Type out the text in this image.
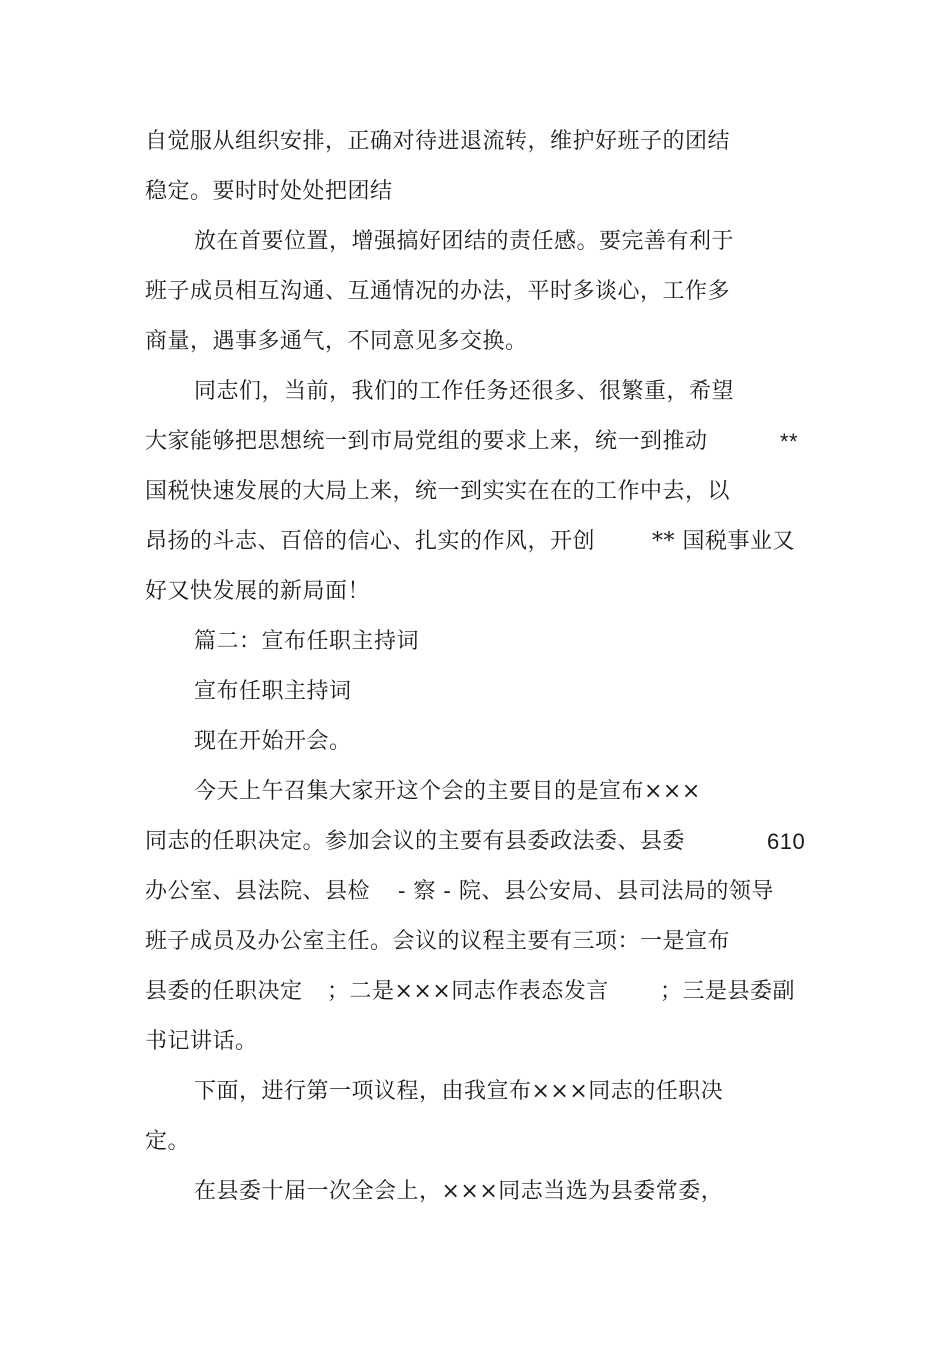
自觉服从组织安排，正确对待进退流转，维护好班子的团结
稳定。要时时处处把团结
放在首要位置，增强搞好团结的责任感。要完善有利于
班子成员相互沟通、互通情况的办法，平时多谈心，工作多
商量，遇事多通气，不同意见多交换。
同志们，当前，我们的工作任务还很多、很繁重，希望
大家能够把思想统一到市局党组的要求上来，统一到推动	**
国税快速发展的大局上来，统一到实实在在的工作中去，以
昂扬的斗志、百倍的信心、扎实的作风，开创	** 国税事业又
好又快发展的新局面！
篇二：宣布任职主持词
宣布任职主持词
现在开始开会。
今天上午召集大家开这个会的主要目的是宣布×××
同志的任职决定。参加会议的主要有县委政法委、县委	610
办公室、县法院、县检 - 察 - 院、县公安局、县司法局的领导
班子成员及办公室主任。会议的议程主要有三项：一是宣布
县委的任职决定 ；二是×××同志作表态发言 ；三是县委副
书记讲话。
下面，进行第一项议程，由我宣布×××同志的任职决
定。
在县委十届一次全会上，×××同志当选为县委常委，
